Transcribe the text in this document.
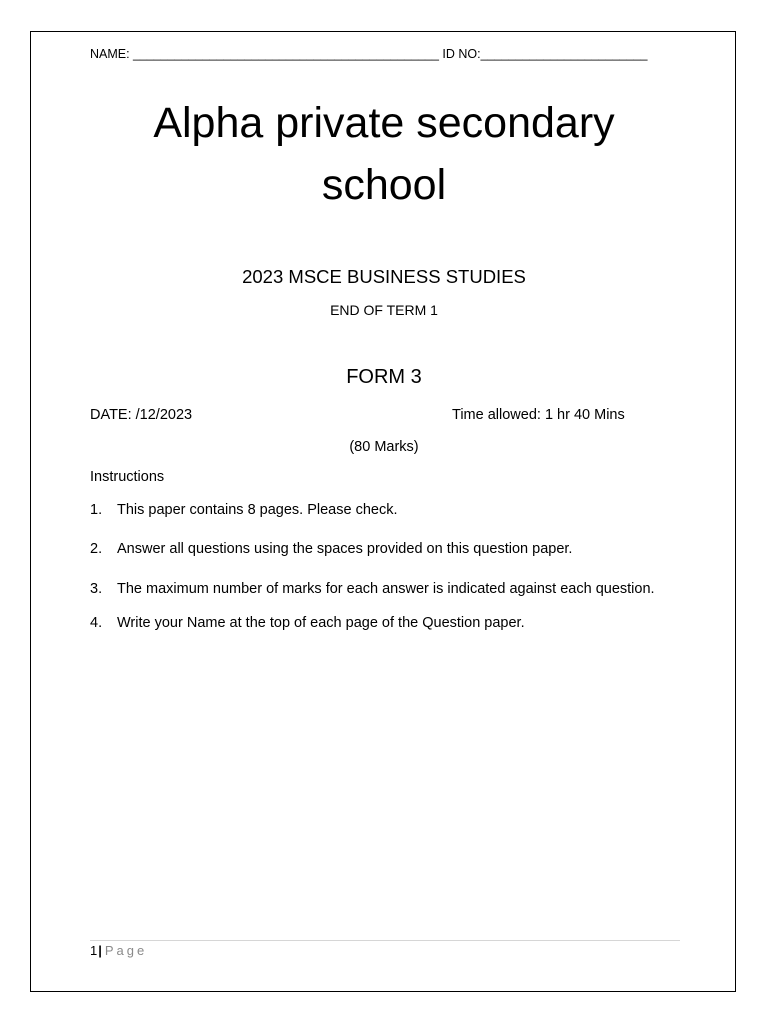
NAME: ____________________________________________ ID NO:________________________
Alpha private secondary
school
2023 MSCE BUSINESS STUDIES
END OF TERM 1
FORM 3
DATE: /12/2023	Time allowed: 1 hr 40 Mins
(80 Marks)
Instructions
1. This paper contains 8 pages. Please check.
2. Answer all questions using the spaces provided on this question paper.
3. The maximum number of marks for each answer is indicated against each question.
4. Write your Name at the top of each page of the Question paper.
1| Page
